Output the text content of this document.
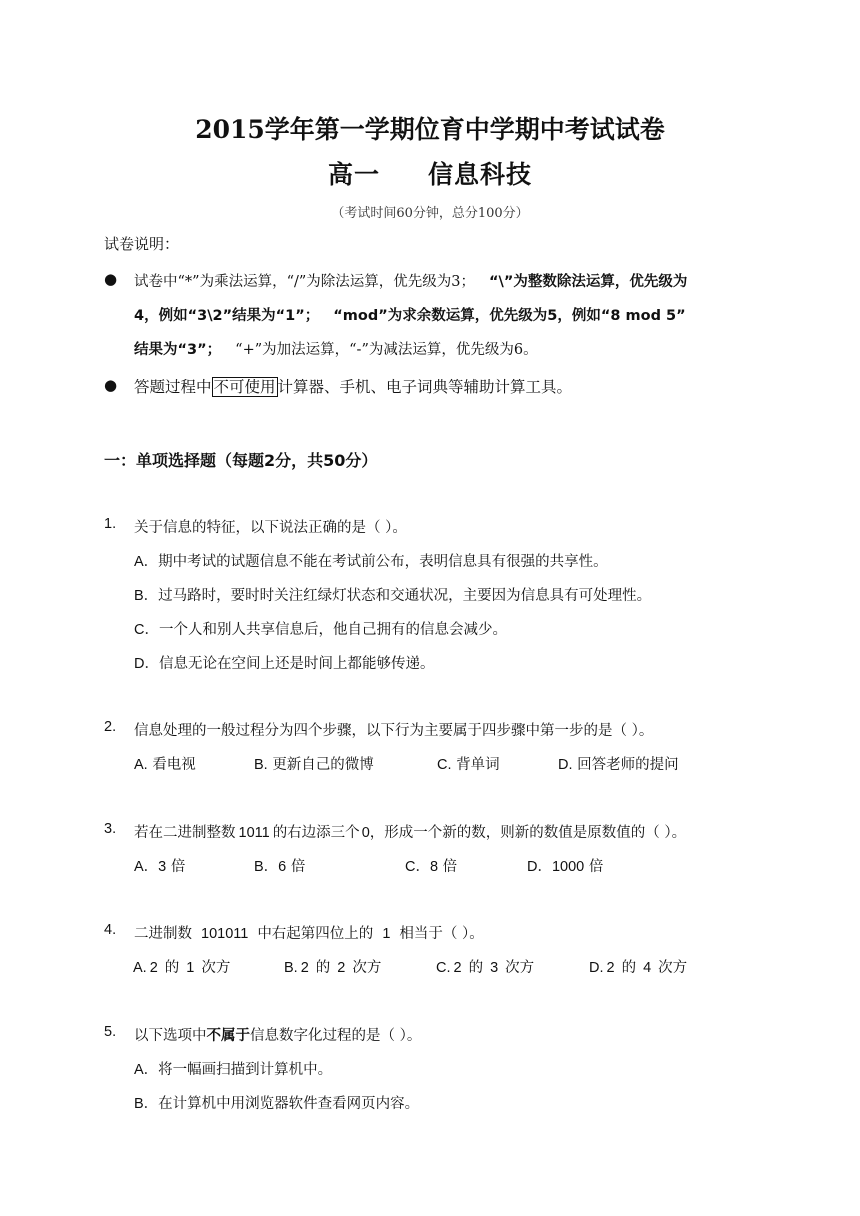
2015学年第一学期位育中学期中考试试卷
高一 信息科技
（考试时间60分钟，总分100分）
试卷说明：
● 试卷中“*”为乘法运算，“/”为除法运算，优先级为3； “\”为整数除法运算，优先级为
4，例如“3\2”结果为“1”； “mod”为求余数运算，优先级为5，例如“8 mod 5”
结果为“3”； “+”为加法运算，“-”为减法运算，优先级为6。
● 答题过程中 不可使用 计算器、手机、电子词典等辅助计算工具。
一：单项选择题（每题2分，共50分）
1. 关于信息的特征，以下说法正确的是（ ）。
A．期中考试的试题信息不能在考试前公布，表明信息具有很强的共享性。
B．过马路时，要时时关注红绿灯状态和交通状况，主要因为信息具有可处理性。
C．一个人和别人共享信息后，他自己拥有的信息会减少。
D．信息无论在空间上还是时间上都能够传递。
2. 信息处理的一般过程分为四个步骤，以下行为主要属于四步骤中第一步的是（ ）。
A. 看电视	B. 更新自己的微博	C. 背单词	D. 回答老师的提问
3. 若在二进制整数 1011 的右边添三个 0，形成一个新的数，则新的数值是原数值的（ ）。
A．3 倍	B．6 倍	C．8 倍	D．1000 倍
4. 二进制数 101011 中右起第四位上的 1 相当于（ ）。
A. 2 的 1 次方	B. 2 的 2 次方	C. 2 的 3 次方	D. 2 的 4 次方
5. 以下选项中不属于信息数字化过程的是（ ）。
A．将一幅画扫描到计算机中。
B．在计算机中用浏览器软件查看网页内容。
